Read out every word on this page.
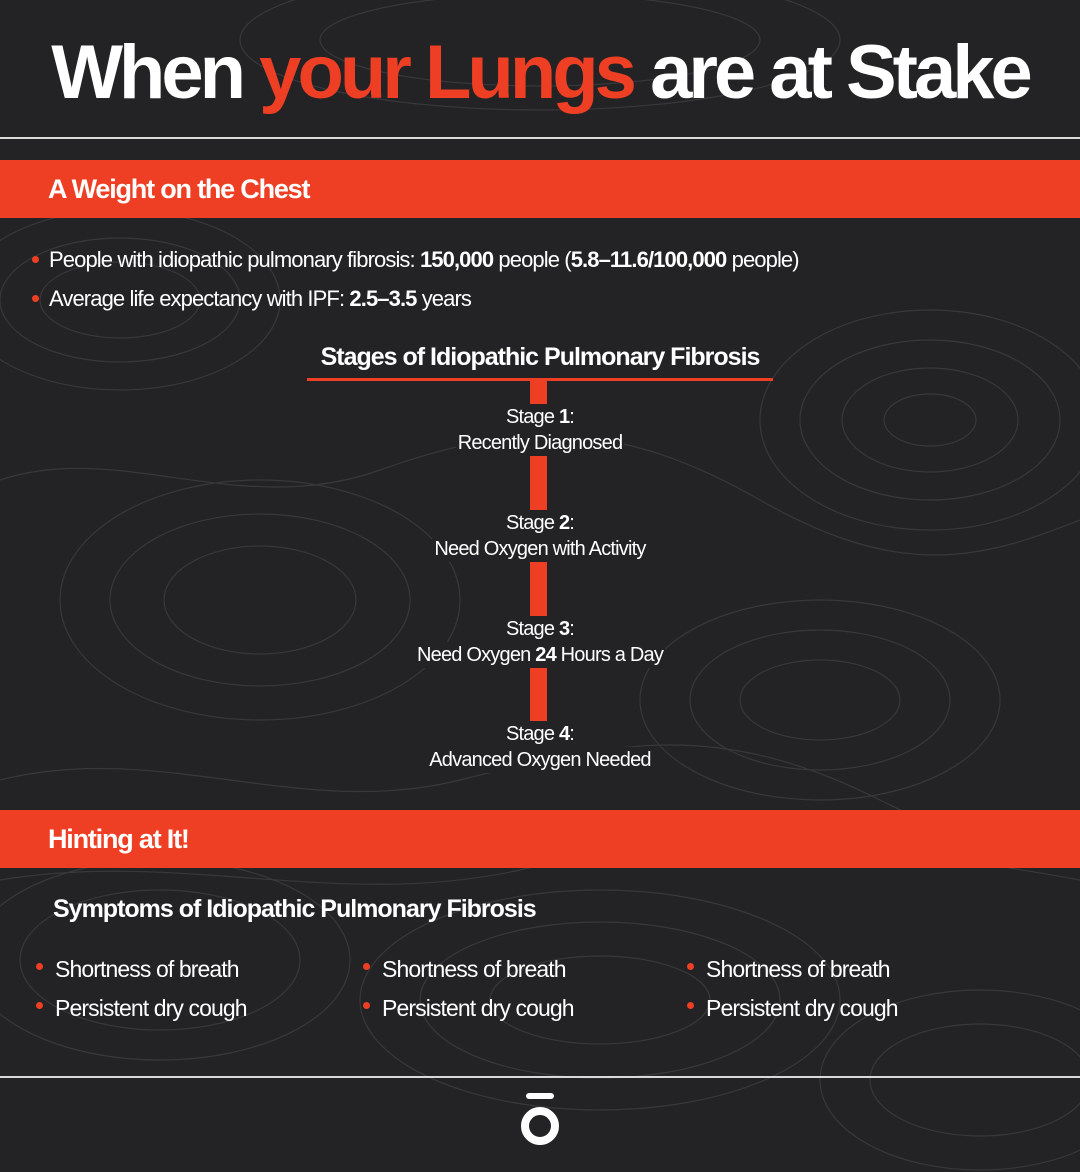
When your Lungs are at Stake
A Weight on the Chest
People with idiopathic pulmonary fibrosis: 150,000 people (5.8–11.6/100,000 people)
Average life expectancy with IPF: 2.5–3.5 years
Stages of Idiopathic Pulmonary Fibrosis
Stage 1:
Recently Diagnosed
Stage 2:
Need Oxygen with Activity
Stage 3:
Need Oxygen 24 Hours a Day
Stage 4:
Advanced Oxygen Needed
Hinting at It!
Symptoms of Idiopathic Pulmonary Fibrosis
Shortness of breath
Persistent dry cough
Shortness of breath
Persistent dry cough
Shortness of breath
Persistent dry cough
